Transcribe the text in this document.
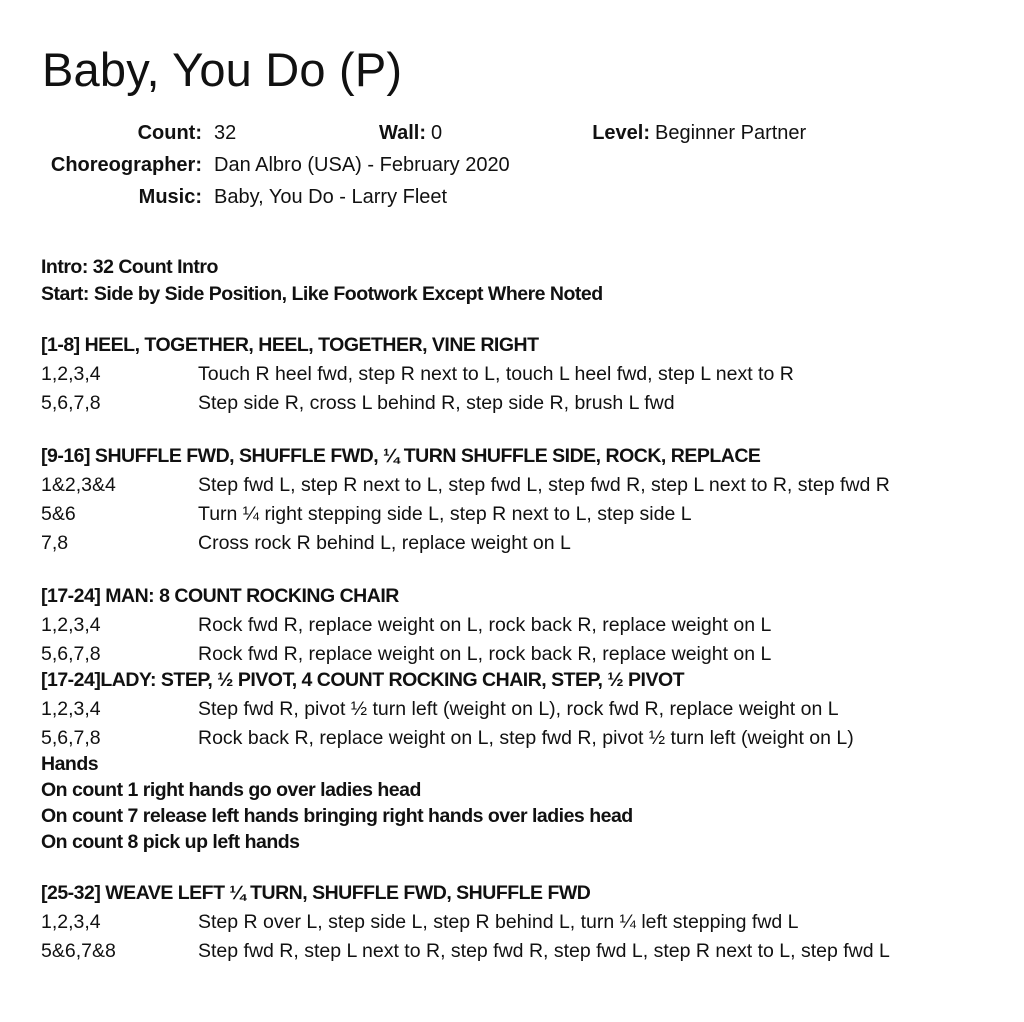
Baby, You Do (P)
Count: 32	Wall: 0	Level: Beginner Partner
Choreographer: Dan Albro (USA) - February 2020
Music: Baby, You Do - Larry Fleet
Intro: 32 Count Intro
Start: Side by Side Position, Like Footwork Except Where Noted
[1-8] HEEL, TOGETHER, HEEL, TOGETHER, VINE RIGHT
1,2,3,4	Touch R heel fwd, step R next to L, touch L heel fwd, step L next to R
5,6,7,8	Step side R, cross L behind R, step side R, brush L fwd
[9-16] SHUFFLE FWD, SHUFFLE FWD, ¼ TURN SHUFFLE SIDE, ROCK, REPLACE
1&2,3&4	Step fwd L, step R next to L, step fwd L, step fwd R, step L next to R, step fwd R
5&6	Turn ¼ right stepping side L, step R next to L, step side L
7,8	Cross rock R behind L, replace weight on L
[17-24] MAN: 8 COUNT ROCKING CHAIR
1,2,3,4	Rock fwd R, replace weight on L, rock back R, replace weight on L
5,6,7,8	Rock fwd R, replace weight on L, rock back R, replace weight on L
[17-24]LADY: STEP, ½ PIVOT, 4 COUNT ROCKING CHAIR, STEP, ½ PIVOT
1,2,3,4	Step fwd R, pivot ½ turn left (weight on L), rock fwd R, replace weight on L
5,6,7,8	Rock back R, replace weight on L, step fwd R, pivot ½ turn left (weight on L)
Hands
On count 1 right hands go over ladies head
On count 7 release left hands bringing right hands over ladies head
On count 8 pick up left hands
[25-32] WEAVE LEFT ¼ TURN, SHUFFLE FWD, SHUFFLE FWD
1,2,3,4	Step R over L, step side L, step R behind L, turn ¼ left stepping fwd L
5&6,7&8	Step fwd R, step L next to R, step fwd R, step fwd L, step R next to L, step fwd L
